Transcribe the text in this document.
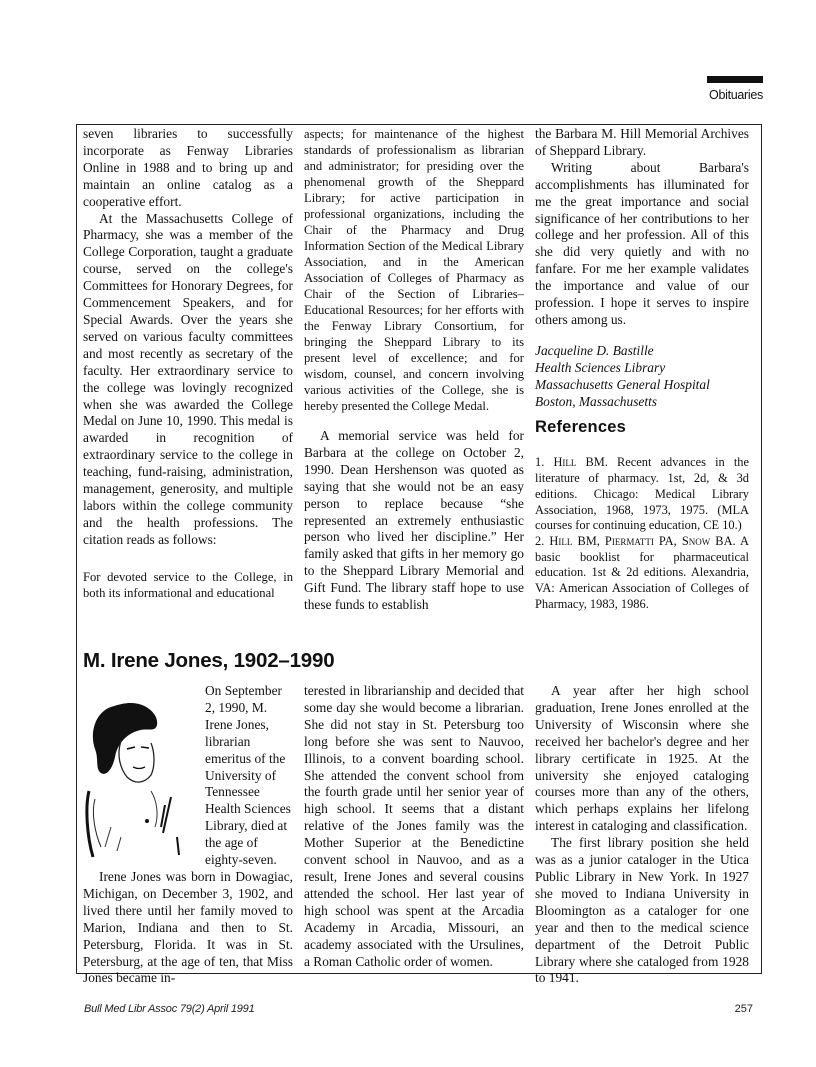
Obituaries

seven libraries to successfully incorporate as Fenway Libraries Online in 1988 and to bring up and maintain an online catalog as a cooperative effort.

At the Massachusetts College of Pharmacy, she was a member of the College Corporation, taught a graduate course, served on the college's Committees for Honorary Degrees, for Commencement Speakers, and for Special Awards. Over the years she served on various faculty committees and most recently as secretary of the faculty. Her extraordinary service to the college was lovingly recognized when she was awarded the College Medal on June 10, 1990. This medal is awarded in recognition of extraordinary service to the college in teaching, fund-raising, administration, management, generosity, and multiple labors within the college community and the health professions. The citation reads as follows:

For devoted service to the College, in both its informational and educational

aspects; for maintenance of the highest standards of professionalism as librarian and administrator; for presiding over the phenomenal growth of the Sheppard Library; for active participation in professional organizations, including the Chair of the Pharmacy and Drug Information Section of the Medical Library Association, and in the American Association of Colleges of Pharmacy as Chair of the Section of Libraries–Educational Resources; for her efforts with the Fenway Library Consortium, for bringing the Sheppard Library to its present level of excellence; and for wisdom, counsel, and concern involving various activities of the College, she is hereby presented the College Medal.

A memorial service was held for Barbara at the college on October 2, 1990. Dean Hershenson was quoted as saying that she would not be an easy person to replace because “she represented an extremely enthusiastic person who lived her discipline.” Her family asked that gifts in her memory go to the Sheppard Library Memorial and Gift Fund. The library staff hope to use these funds to establish

the Barbara M. Hill Memorial Archives of Sheppard Library.

Writing about Barbara's accomplishments has illuminated for me the great importance and social significance of her contributions to her college and her profession. All of this she did very quietly and with no fanfare. For me her example validates the importance and value of our profession. I hope it serves to inspire others among us.

Jacqueline D. Bastille
Health Sciences Library
Massachusetts General Hospital
Boston, Massachusetts
References

1. Hill BM. Recent advances in the literature of pharmacy. 1st, 2d, & 3d editions. Chicago: Medical Library Association, 1968, 1973, 1975. (MLA courses for continuing education, CE 10.)

2. Hill BM, Piermatti PA, Snow BA. A basic booklist for pharmaceutical education. 1st & 2d editions. Alexandria, VA: American Association of Colleges of Pharmacy, 1983, 1986.

M. Irene Jones, 1902–1990

On September 2, 1990, M. Irene Jones, librarian emeritus of the University of Tennessee Health Sciences Library, died at the age of eighty-seven.

Irene Jones was born in Dowagiac, Michigan, on December 3, 1902, and lived there until her family moved to Marion, Indiana and then to St. Petersburg, Florida. It was in St. Petersburg, at the age of ten, that Miss Jones became in-

terested in librarianship and decided that some day she would become a librarian. She did not stay in St. Petersburg too long before she was sent to Nauvoo, Illinois, to a convent boarding school. She attended the convent school from the fourth grade until her senior year of high school. It seems that a distant relative of the Jones family was the Mother Superior at the Benedictine convent school in Nauvoo, and as a result, Irene Jones and several cousins attended the school. Her last year of high school was spent at the Arcadia Academy in Arcadia, Missouri, an academy associated with the Ursulines, a Roman Catholic order of women.

A year after her high school graduation, Irene Jones enrolled at the University of Wisconsin where she received her bachelor's degree and her library certificate in 1925. At the university she enjoyed cataloging courses more than any of the others, which perhaps explains her lifelong interest in cataloging and classification.

The first library position she held was as a junior cataloger in the Utica Public Library in New York. In 1927 she moved to Indiana University in Bloomington as a cataloger for one year and then to the medical science department of the Detroit Public Library where she cataloged from 1928 to 1941.

Bull Med Libr Assoc 79(2) April 1991	257
